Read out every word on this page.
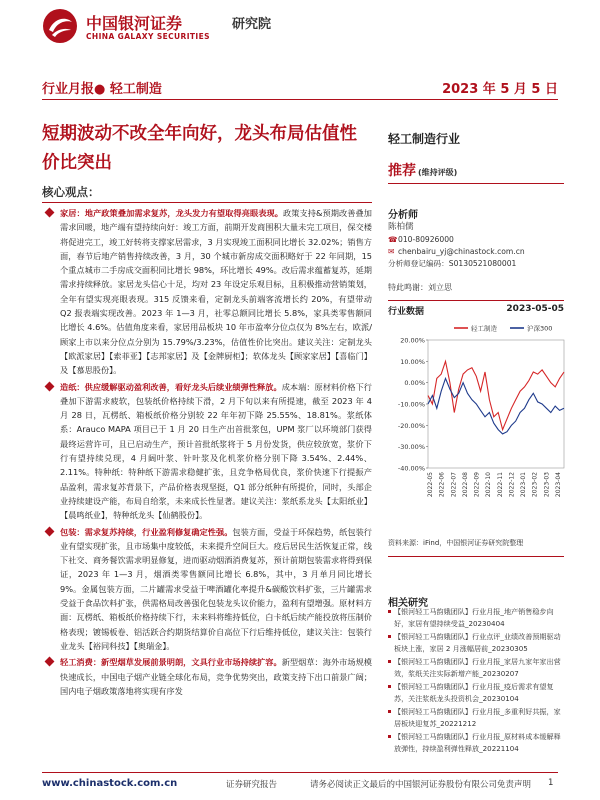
中国银河证券	研究院
CHINA GALAXY SECURITIES
行业月报● 轻工制造	2023 年 5 月 5 日
短期波动不改全年向好，龙头布局估值性价比突出
核心观点：

家居：地产政策叠加需求复苏，龙头发力有望取得亮眼表现。政策支持&预期改善叠加需求回暖，地产端有望持续向好：竣工方面，前期开发商围积大量未完工项目，保交楼将促进完工，竣工好转将支撑家居需求，3 月实现竣工面积同比增长 32.02%；销售方面，春节后地产销售持续改善，3 月，30 个城市新房成交面积略好于 22 年同期，15 个重点城市二手房成交面积同比增长 98%，环比增长 49%。改后需求蕴蓄复苏，延期需求持续释放。家居龙头信心十足，均对 23 年设定乐观目标，且积极推动营销策划，全年有望实现亮眼表现。315 反馈来看，定制龙头前端客流增长约 20%，有望带动 Q2 报表端实现改善。2023 年 1—3 月，社零总额同比增长 5.8%，家具类零售额同比增长 4.6%。估值角度来看，家居用品板块 10 年市盈率分位点仅为 8%左右，欧派/顾家上市以来分位点分别为 15.79%/3.23%，估值性价比突出。建议关注：定制龙头【欧派家居】【索菲亚】【志邦家居】及【金牌厨柜】；软体龙头【顾家家居】【喜临门】及【慕思股份】。

造纸：供应缓解驱动盈利改善，看好龙头后续业绩弹性释放。成本端：原材料价格下行叠加下游需求疲软，包装纸价格持续下滑，2 月下旬以来有所提速，截至 2023 年 4 月 28 日，瓦楞纸、箱板纸价格分别较 22 年年初下降 25.55%、18.81%。浆纸体系：Arauco MAPA 项目已于 1 月 20 日生产出首批浆包，UPM 浆厂以环境部门获得最终运营许可，且已启动生产，预计首批纸浆将于 5 月份发货，供应较放宽，浆价下行有望持续兑现，4 月阔叶浆、针叶浆及化机浆价格分别下降 3.54%、2.44%、2.11%。特种纸：特种纸下游需求稳健扩张，且竞争格局优良，浆价快速下行提振产品盈利，需求复苏背景下，产品价格表现坚挺，Q1 部分纸种有所提价，同时，头部企业持续建设产能，布局自给浆，未来成长性显著。建议关注：浆纸系龙头【太阳纸业】【晨鸣纸业】，特种纸龙头【仙鹤股份】。

包装：需求复苏持续，行业盈利修复确定性强。包装方面，受益于环保趋势，纸包装行业有望实现扩张，且市场集中度较低，未来提升空间巨大。疫后居民生活恢复正常，线下社交、商务餐饮需求明显修复，进而驱动烟酒消费复苏，预计前期包装需求将得到保证，2023 年 1—3 月，烟酒类零售额同比增长 6.8%，其中，3 月单月同比增长 9%。金属包装方面，二片罐需求受益于啤酒罐化率提升&碳酸饮料扩张，三片罐需求受益于食品饮料扩张，供需格局改善强化包装龙头议价能力，盈利有望增强。原材料方面：瓦楞纸、箱板纸价格持续下行，未来料将维持低位，白卡纸后续产能投放将压制价格表现；镀锡板卷、铝活跃合约期货结算价自高位下行后维持低位，建议关注：包装行业龙头【裕同科技】【奥瑞金】。

轻工消费：新型烟草发展前景明朗，文具行业市场持续扩容。新型烟草：海外市场规模快速成长，中国电子烟产业链全球化布局，竞争优势突出，政策支持下出口前景广阔；国内电子烟政策落地将实现有序发

轻工制造行业
推荐 (维持评级)
分析师
陈柏儒
☎010-80926000
✉ chenbairu_yj@chinastock.com.cn
分析师登记编码：S0130521080001
特此鸣谢：刘立思
行业数据	2023-05-05
20.00%
10.00%
0.00%
-10.00%
-20.00%
-30.00%
-40.00%
2022-05 2022-06 2022-07 2022-08 2022-09 2022-10 2022-11 2022-12 2023-01 2023-02 2023-03 2023-04
轻工制造	沪深300
资料来源：iFind，中国银河证券研究院整理
相关研究
【银河轻工马韵娥团队】行业月报_地产销售稳步向好，家居有望持续受益_20230404
【银河轻工马韵娥团队】行业点评_业绩改善预期驱动板块上涨，家居 2 月涨幅居前_20230305
【银河轻工马韵娥团队】行业月报_家居九家年家出营效，浆纸关注实际新增产能_20230207
【银河轻工马韵娥团队】行业月报_疫后需求有望复苏，关注浆纸龙头投资机会_20230104
【银河轻工马韵娥团队】行业月报_多重利好共振，家居板块迎复苏_20221212
【银河轻工马韵娥团队】行业月报_原材料成本缓解释放弹性，持续盈利弹性释放_20221104
www.chinastock.com.cn	证券研究报告	请务必阅读正文最后的中国银河证券股份有限公司免责声明 1
